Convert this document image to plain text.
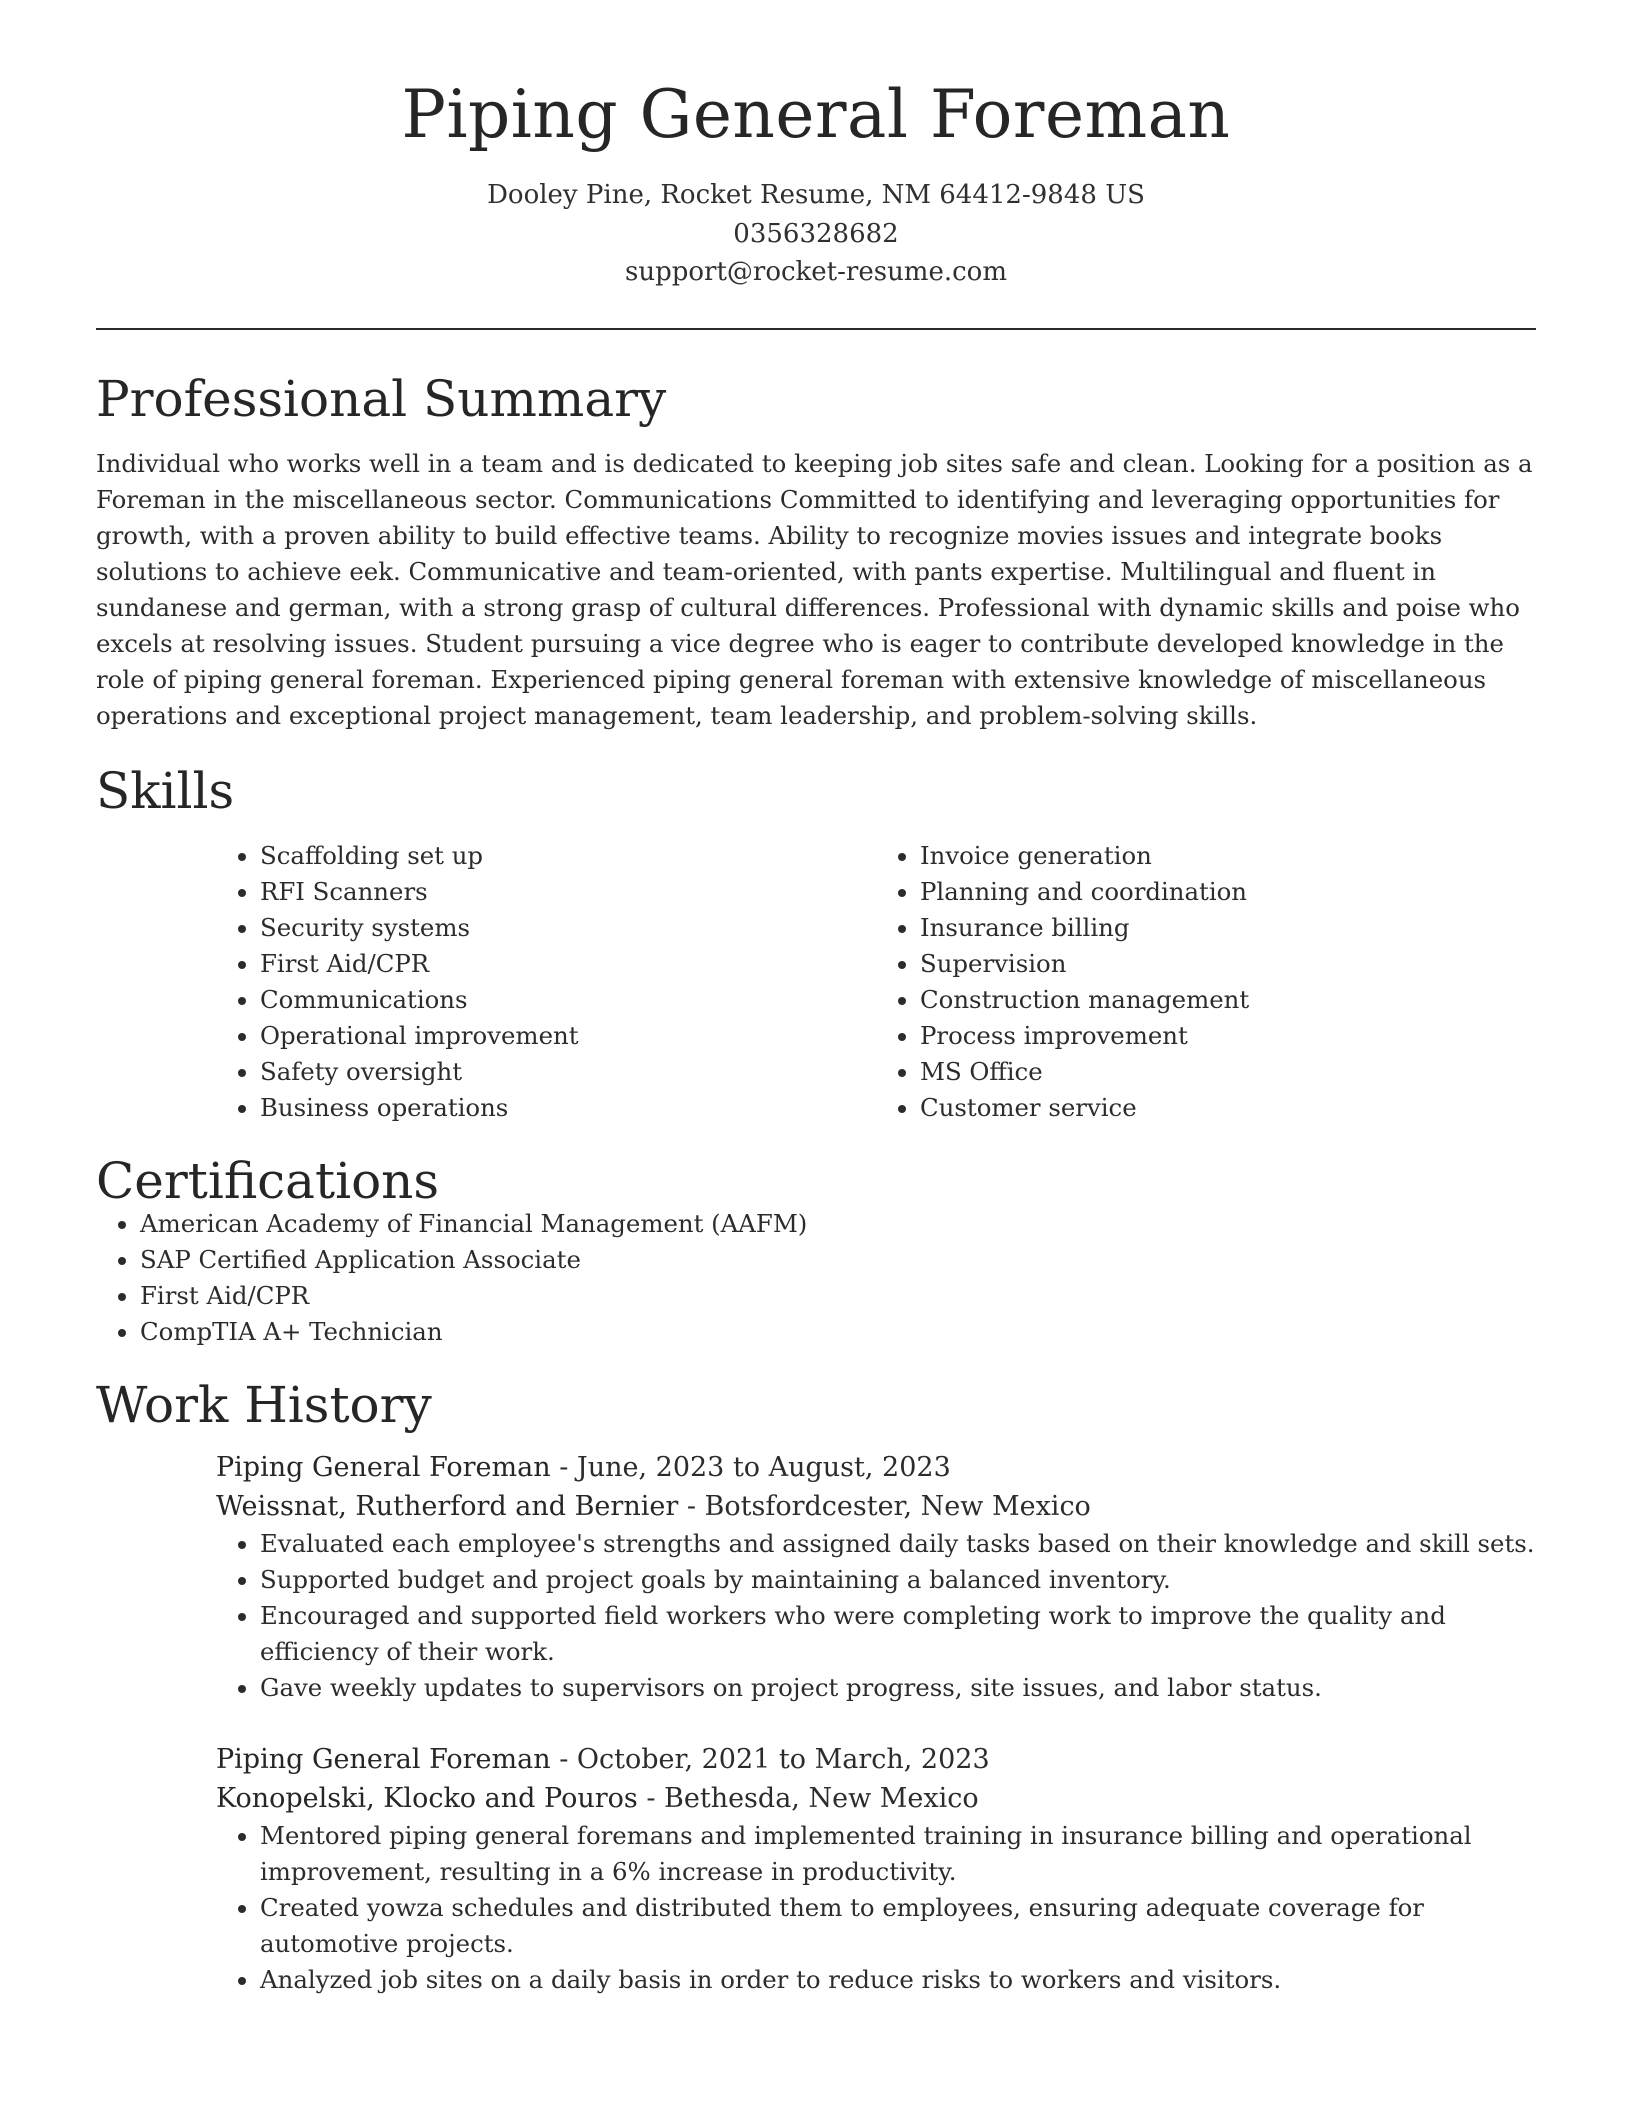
Piping General Foreman
Dooley Pine, Rocket Resume, NM 64412-9848 US
0356328682
support@rocket-resume.com
Professional Summary

Individual who works well in a team and is dedicated to keeping job sites safe and clean. Looking for a position as a Foreman in the miscellaneous sector. Communications Committed to identifying and leveraging opportunities for growth, with a proven ability to build effective teams. Ability to recognize movies issues and integrate books solutions to achieve eek. Communicative and team-oriented, with pants expertise. Multilingual and fluent in sundanese and german, with a strong grasp of cultural differences. Professional with dynamic skills and poise who excels at resolving issues. Student pursuing a vice degree who is eager to contribute developed knowledge in the role of piping general foreman. Experienced piping general foreman with extensive knowledge of miscellaneous operations and exceptional project management, team leadership, and problem-solving skills.

Skills
• Scaffolding set up
• RFI Scanners
• Security systems
• First Aid/CPR
• Communications
• Operational improvement
• Safety oversight
• Business operations
• Invoice generation
• Planning and coordination
• Insurance billing
• Supervision
• Construction management
• Process improvement
• MS Office
• Customer service
Certifications
• American Academy of Financial Management (AAFM)
• SAP Certified Application Associate
• First Aid/CPR
• CompTIA A+ Technician
Work History
Piping General Foreman - June, 2023 to August, 2023
Weissnat, Rutherford and Bernier - Botsfordcester, New Mexico
• Evaluated each employee's strengths and assigned daily tasks based on their knowledge and skill sets.
• Supported budget and project goals by maintaining a balanced inventory.
• Encouraged and supported field workers who were completing work to improve the quality and efficiency of their work.
• Gave weekly updates to supervisors on project progress, site issues, and labor status.
Piping General Foreman - October, 2021 to March, 2023
Konopelski, Klocko and Pouros - Bethesda, New Mexico
• Mentored piping general foremans and implemented training in insurance billing and operational improvement, resulting in a 6% increase in productivity.
• Created yowza schedules and distributed them to employees, ensuring adequate coverage for automotive projects.
• Analyzed job sites on a daily basis in order to reduce risks to workers and visitors.
